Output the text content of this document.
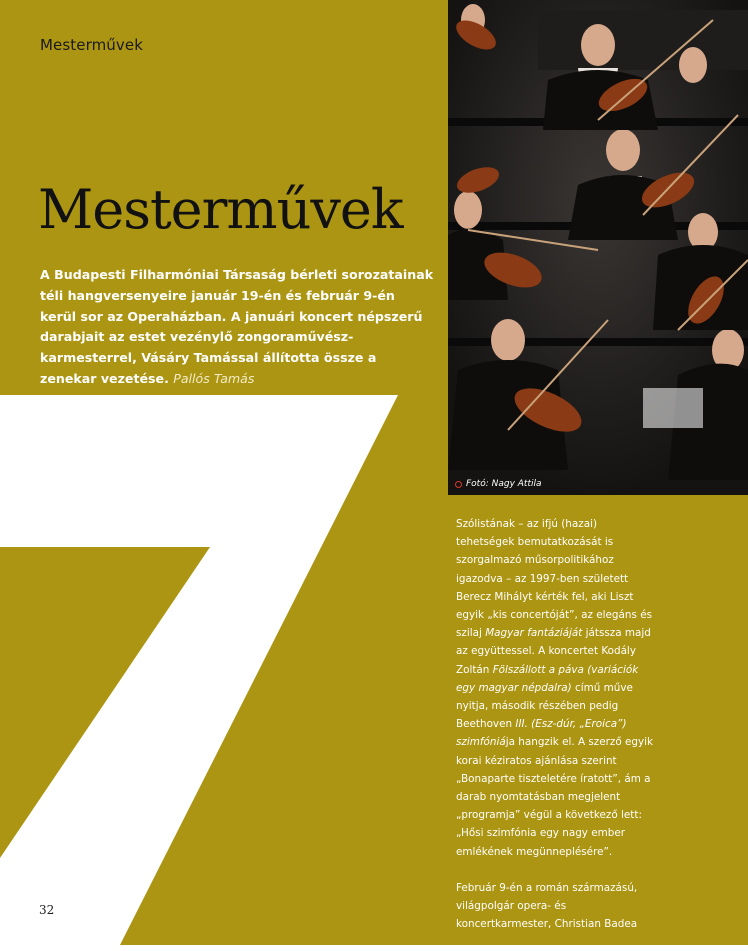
Mesterművek
Mesterművek

A Budapesti Filharmóniai Társaság bérleti sorozatainak téli hangversenyeire január 19-én és február 9-én kerül sor az Operaházban. A januári koncert népszerű darabjait az estet vezénylő zongoraművész-karmesterrel, Vásáry Tamással állította össze a zenekar vezetése. Pallós Tamás

Fotó: Nagy Attila

Szólistának – az ifjú (hazai) tehetségek bemutatkozását is szorgalmazó műsorpolitikához igazodva – az 1997-ben született Berecz Mihályt kérték fel, aki Liszt egyik „kis concertóját”, az elegáns és szilaj Magyar fantáziáját játssza majd az együttessel. A koncertet Kodály Zoltán Fölszállott a páva (variációk egy magyar népdalra) című műve nyitja, második részében pedig Beethoven III. (Esz-dúr, „Eroica”) szimfóniája hangzik el. A szerző egyik korai kéziratos ajánlása szerint „Bonaparte tiszteletére íratott”, ám a darab nyomtatásban megjelent „programja” végül a következő lett: „Hősi szimfónia egy nagy ember emlékének megünneplésére”.

Február 9-én a román származású, világpolgár opera- és koncertkarmester, Christian Badea

32
